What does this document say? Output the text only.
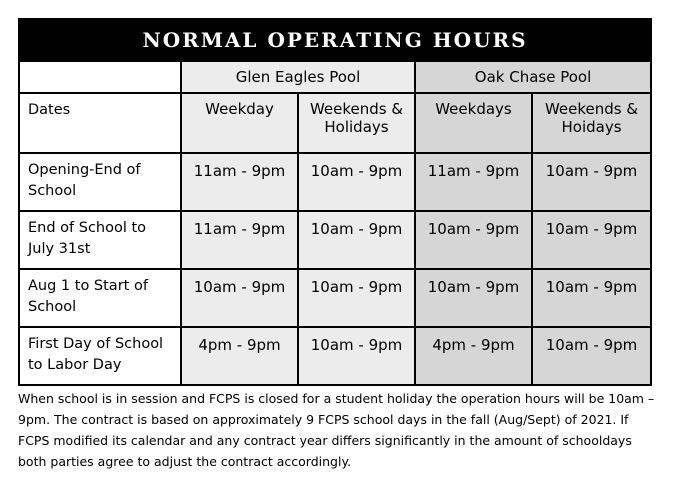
NORMAL OPERATING HOURS				
	Glen Eagles Pool		Oak Chase Pool	
Dates	Weekday	Weekends & Holidays	Weekdays	Weekends & Hoidays
Opening-End of School	11am - 9pm	10am - 9pm	11am - 9pm	10am - 9pm
End of School to July 31st	11am - 9pm	10am - 9pm	10am - 9pm	10am - 9pm
Aug 1 to Start of School	10am - 9pm	10am - 9pm	10am - 9pm	10am - 9pm
First Day of School to Labor Day	4pm - 9pm	10am - 9pm	4pm - 9pm	10am - 9pm

When school is in session and FCPS is closed for a student holiday the operation hours will be 10am – 9pm. The contract is based on approximately 9 FCPS school days in the fall (Aug/Sept) of 2021. If FCPS modified its calendar and any contract year differs significantly in the amount of schooldays both parties agree to adjust the contract accordingly.
